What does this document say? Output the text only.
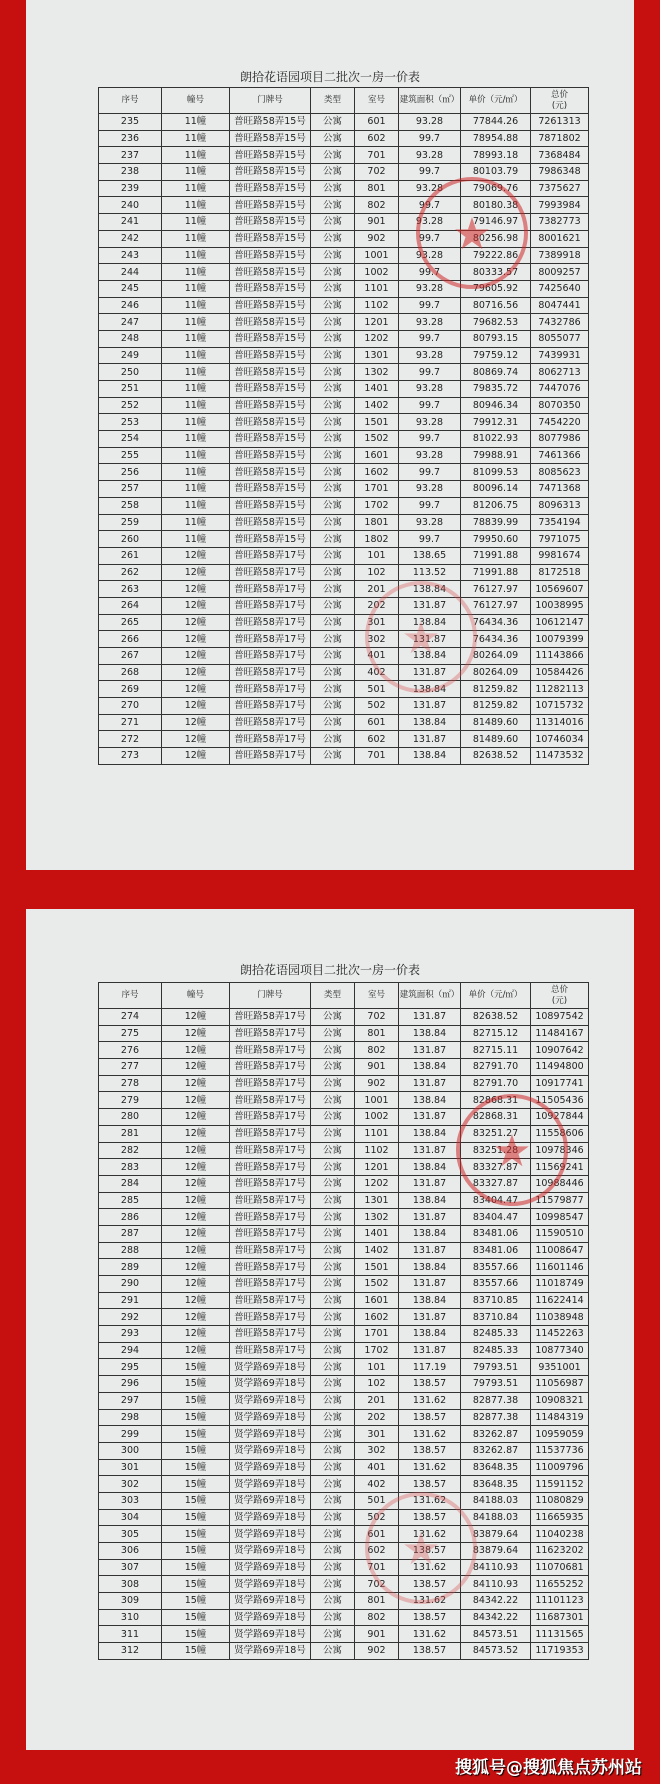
朗拾花语园项目二批次一房一价表
序号	幢号	门牌号	类型	室号	建筑面积（㎡）	单价（元/㎡）	总价
(元)
235	11幢	普旺路58弄15号	公寓	601	93.28	77844.26	7261313
236	11幢	普旺路58弄15号	公寓	602	99.7	78954.88	7871802
237	11幢	普旺路58弄15号	公寓	701	93.28	78993.18	7368484
238	11幢	普旺路58弄15号	公寓	702	99.7	80103.79	7986348
239	11幢	普旺路58弄15号	公寓	801	93.28	79069.76	7375627
240	11幢	普旺路58弄15号	公寓	802	99.7	80180.38	7993984
241	11幢	普旺路58弄15号	公寓	901	93.28	79146.97	7382773
242	11幢	普旺路58弄15号	公寓	902	99.7	80256.98	8001621
243	11幢	普旺路58弄15号	公寓	1001	93.28	79222.86	7389918
244	11幢	普旺路58弄15号	公寓	1002	99.7	80333.57	8009257
245	11幢	普旺路58弄15号	公寓	1101	93.28	79605.92	7425640
246	11幢	普旺路58弄15号	公寓	1102	99.7	80716.56	8047441
247	11幢	普旺路58弄15号	公寓	1201	93.28	79682.53	7432786
248	11幢	普旺路58弄15号	公寓	1202	99.7	80793.15	8055077
249	11幢	普旺路58弄15号	公寓	1301	93.28	79759.12	7439931
250	11幢	普旺路58弄15号	公寓	1302	99.7	80869.74	8062713
251	11幢	普旺路58弄15号	公寓	1401	93.28	79835.72	7447076
252	11幢	普旺路58弄15号	公寓	1402	99.7	80946.34	8070350
253	11幢	普旺路58弄15号	公寓	1501	93.28	79912.31	7454220
254	11幢	普旺路58弄15号	公寓	1502	99.7	81022.93	8077986
255	11幢	普旺路58弄15号	公寓	1601	93.28	79988.91	7461366
256	11幢	普旺路58弄15号	公寓	1602	99.7	81099.53	8085623
257	11幢	普旺路58弄15号	公寓	1701	93.28	80096.14	7471368
258	11幢	普旺路58弄15号	公寓	1702	99.7	81206.75	8096313
259	11幢	普旺路58弄15号	公寓	1801	93.28	78839.99	7354194
260	11幢	普旺路58弄15号	公寓	1802	99.7	79950.60	7971075
261	12幢	普旺路58弄17号	公寓	101	138.65	71991.88	9981674
262	12幢	普旺路58弄17号	公寓	102	113.52	71991.88	8172518
263	12幢	普旺路58弄17号	公寓	201	138.84	76127.97	10569607
264	12幢	普旺路58弄17号	公寓	202	131.87	76127.97	10038995
265	12幢	普旺路58弄17号	公寓	301	138.84	76434.36	10612147
266	12幢	普旺路58弄17号	公寓	302	131.87	76434.36	10079399
267	12幢	普旺路58弄17号	公寓	401	138.84	80264.09	11143866
268	12幢	普旺路58弄17号	公寓	402	131.87	80264.09	10584426
269	12幢	普旺路58弄17号	公寓	501	138.84	81259.82	11282113
270	12幢	普旺路58弄17号	公寓	502	131.87	81259.82	10715732
271	12幢	普旺路58弄17号	公寓	601	138.84	81489.60	11314016
272	12幢	普旺路58弄17号	公寓	602	131.87	81489.60	10746034
273	12幢	普旺路58弄17号	公寓	701	138.84	82638.52	11473532
★
★
朗拾花语园项目二批次一房一价表
序号	幢号	门牌号	类型	室号	建筑面积（㎡）	单价（元/㎡）	总价
(元)
274	12幢	普旺路58弄17号	公寓	702	131.87	82638.52	10897542
275	12幢	普旺路58弄17号	公寓	801	138.84	82715.12	11484167
276	12幢	普旺路58弄17号	公寓	802	131.87	82715.11	10907642
277	12幢	普旺路58弄17号	公寓	901	138.84	82791.70	11494800
278	12幢	普旺路58弄17号	公寓	902	131.87	82791.70	10917741
279	12幢	普旺路58弄17号	公寓	1001	138.84	82868.31	11505436
280	12幢	普旺路58弄17号	公寓	1002	131.87	82868.31	10927844
281	12幢	普旺路58弄17号	公寓	1101	138.84	83251.27	11558606
282	12幢	普旺路58弄17号	公寓	1102	131.87	83251.28	10978346
283	12幢	普旺路58弄17号	公寓	1201	138.84	83327.87	11569241
284	12幢	普旺路58弄17号	公寓	1202	131.87	83327.87	10988446
285	12幢	普旺路58弄17号	公寓	1301	138.84	83404.47	11579877
286	12幢	普旺路58弄17号	公寓	1302	131.87	83404.47	10998547
287	12幢	普旺路58弄17号	公寓	1401	138.84	83481.06	11590510
288	12幢	普旺路58弄17号	公寓	1402	131.87	83481.06	11008647
289	12幢	普旺路58弄17号	公寓	1501	138.84	83557.66	11601146
290	12幢	普旺路58弄17号	公寓	1502	131.87	83557.66	11018749
291	12幢	普旺路58弄17号	公寓	1601	138.84	83710.85	11622414
292	12幢	普旺路58弄17号	公寓	1602	131.87	83710.84	11038948
293	12幢	普旺路58弄17号	公寓	1701	138.84	82485.33	11452263
294	12幢	普旺路58弄17号	公寓	1702	131.87	82485.33	10877340
295	15幢	贤学路69弄18号	公寓	101	117.19	79793.51	9351001
296	15幢	贤学路69弄18号	公寓	102	138.57	79793.51	11056987
297	15幢	贤学路69弄18号	公寓	201	131.62	82877.38	10908321
298	15幢	贤学路69弄18号	公寓	202	138.57	82877.38	11484319
299	15幢	贤学路69弄18号	公寓	301	131.62	83262.87	10959059
300	15幢	贤学路69弄18号	公寓	302	138.57	83262.87	11537736
301	15幢	贤学路69弄18号	公寓	401	131.62	83648.35	11009796
302	15幢	贤学路69弄18号	公寓	402	138.57	83648.35	11591152
303	15幢	贤学路69弄18号	公寓	501	131.62	84188.03	11080829
304	15幢	贤学路69弄18号	公寓	502	138.57	84188.03	11665935
305	15幢	贤学路69弄18号	公寓	601	131.62	83879.64	11040238
306	15幢	贤学路69弄18号	公寓	602	138.57	83879.64	11623202
307	15幢	贤学路69弄18号	公寓	701	131.62	84110.93	11070681
308	15幢	贤学路69弄18号	公寓	702	138.57	84110.93	11655252
309	15幢	贤学路69弄18号	公寓	801	131.62	84342.22	11101123
310	15幢	贤学路69弄18号	公寓	802	138.57	84342.22	11687301
311	15幢	贤学路69弄18号	公寓	901	131.62	84573.51	11131565
312	15幢	贤学路69弄18号	公寓	902	138.57	84573.52	11719353
★
★
搜狐号@搜狐焦点苏州站
